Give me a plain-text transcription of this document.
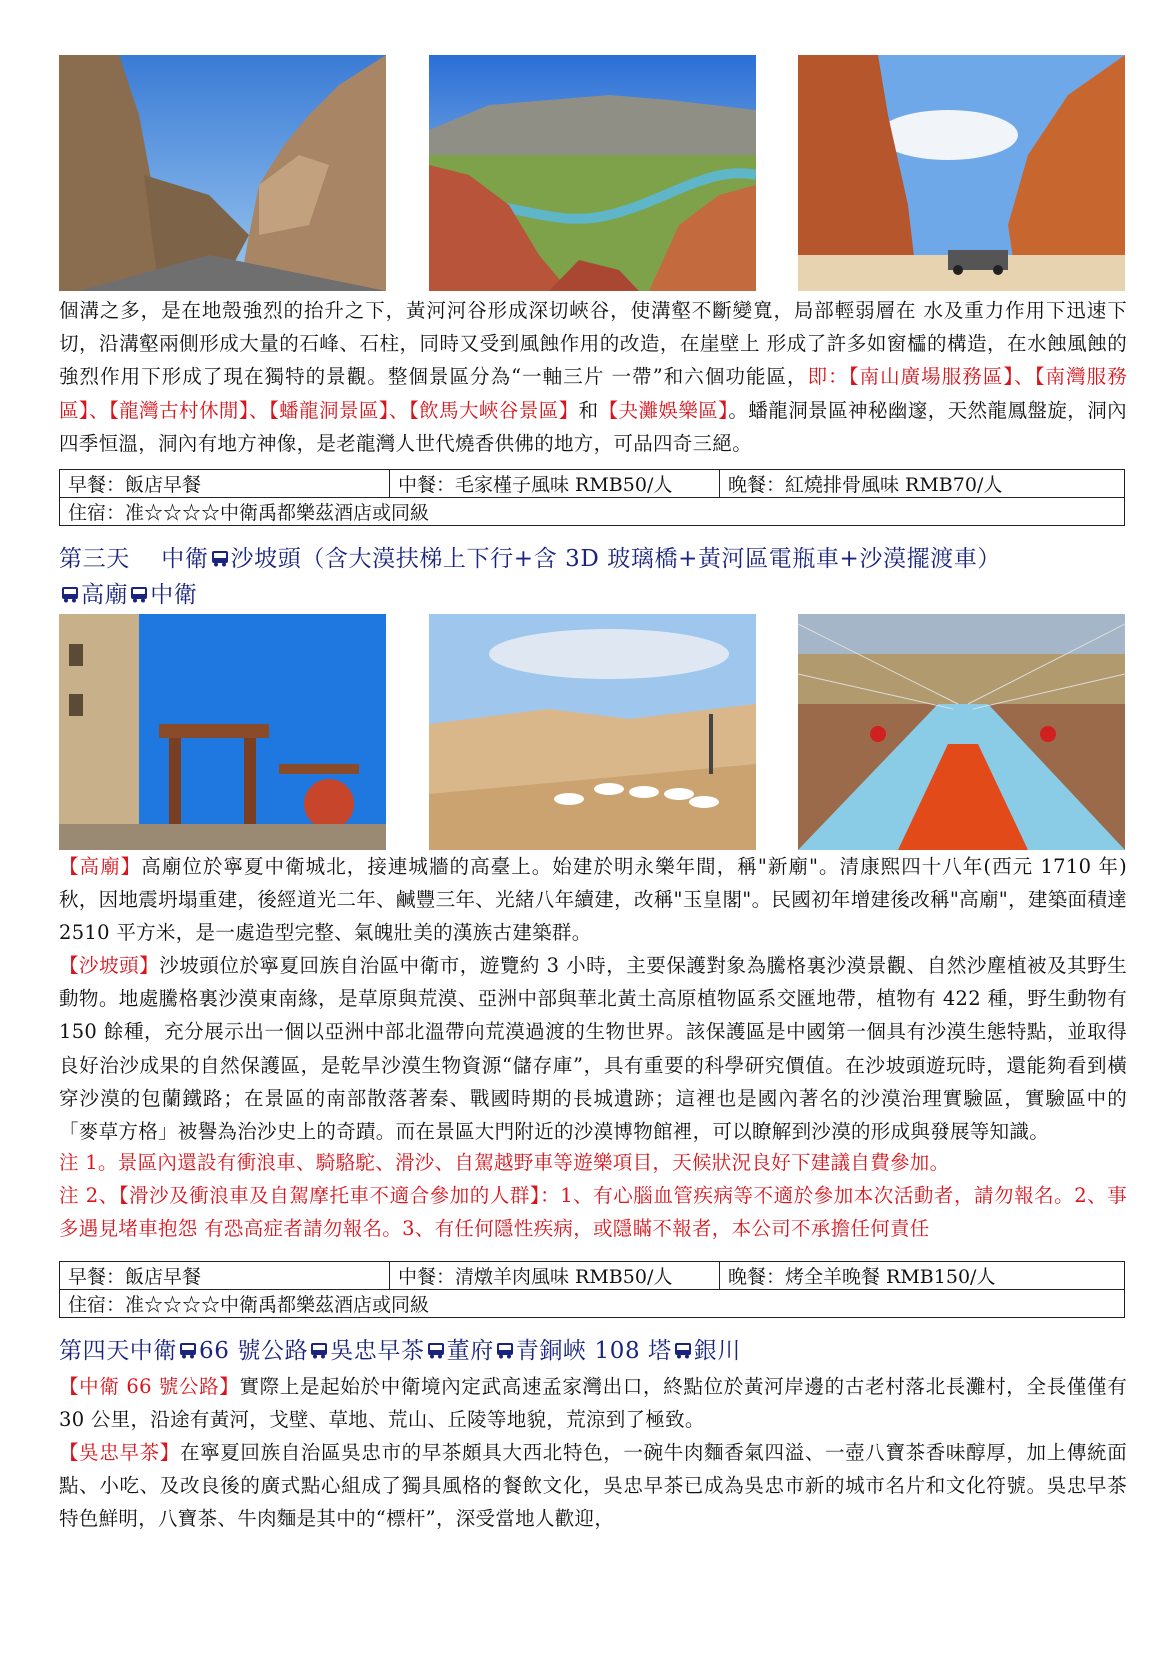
個溝之多，是在地殼強烈的抬升之下，黃河河谷形成深切峽谷，使溝壑不斷變寬，局部輕弱層在 水及重力作用下迅速下切，沿溝壑兩側形成大量的石峰、石柱，同時又受到風蝕作用的改造，在崖壁上 形成了許多如窗櫺的構造，在水蝕風蝕的強烈作用下形成了現在獨特的景觀。整個景區分為“一軸三片 一帶”和六個功能區，即：【南山廣場服務區】、【南灣服務區】、【龍灣古村休閒】、【蟠龍洞景區】、【飲馬大峽谷景區】和【夬灘娛樂區】。蟠龍洞景區神秘幽邃，天然龍鳳盤旋，洞內四季恒溫，洞內有地方神像，是老龍灣人世代燒香供佛的地方，可品四奇三絕。

早餐：飯店早餐	中餐：毛家槿子風味 RMB50/人	晚餐：紅燒排骨風味 RMB70/人
住宿：准☆☆☆☆中衛禹都樂茲酒店或同級
第三天　 中衛 沙坡頭（含大漠扶梯上下行+含 3D 玻璃橋+黃河區電瓶車+沙漠擺渡車）
高廟 中衛

【高廟】高廟位於寧夏中衛城北，接連城牆的高臺上。始建於明永樂年間，稱"新廟"。清康熙四十八年(西元 1710 年)秋，因地震坍塌重建，後經道光二年、鹹豐三年、光緒八年續建，改稱"玉皇閣"。民國初年增建後改稱"高廟"，建築面積達 2510 平方米，是一處造型完整、氣魄壯美的漢族古建築群。

【沙坡頭】沙坡頭位於寧夏回族自治區中衛市，遊覽約 3 小時，主要保護對象為騰格裏沙漠景觀、自然沙塵植被及其野生動物。地處騰格裏沙漠東南緣，是草原與荒漠、亞洲中部與華北黃土高原植物區系交匯地帶，植物有 422 種，野生動物有 150 餘種，充分展示出一個以亞洲中部北溫帶向荒漠過渡的生物世界。該保護區是中國第一個具有沙漠生態特點，並取得良好治沙成果的自然保護區，是乾旱沙漠生物資源“儲存庫”，具有重要的科學研究價值。在沙坡頭遊玩時，還能夠看到橫穿沙漠的包蘭鐵路；在景區的南部散落著秦、戰國時期的長城遺跡；這裡也是國內著名的沙漠治理實驗區，實驗區中的「麥草方格」被譽為治沙史上的奇蹟。而在景區大門附近的沙漠博物館裡，可以瞭解到沙漠的形成與發展等知識。

注 1。景區內還設有衝浪車、騎駱駝、滑沙、自駕越野車等遊樂項目，天候狀況良好下建議自費參加。

注 2、【滑沙及衝浪車及自駕摩托車不適合參加的人群】：1、有心腦血管疾病等不適於參加本次活動者，請勿報名。2、事多遇見堵車抱怨 有恐高症者請勿報名。3、有任何隱性疾病，或隱瞞不報者，本公司不承擔任何責任

早餐：飯店早餐	中餐：清燉羊肉風味 RMB50/人	晚餐：烤全羊晚餐 RMB150/人
住宿：准☆☆☆☆中衛禹都樂茲酒店或同級
第四天中衛 66 號公路 吳忠早茶 董府 青銅峽 108 塔 銀川

【中衛 66 號公路】實際上是起始於中衛境內定武高速孟家灣出口，終點位於黃河岸邊的古老村落北長灘村，全長僅僅有 30 公里，沿途有黃河，戈壁、草地、荒山、丘陵等地貌，荒涼到了極致。

【吳忠早茶】在寧夏回族自治區吳忠市的早茶頗具大西北特色，一碗牛肉麵香氣四溢、一壺八寶茶香味醇厚，加上傳統面點、小吃、及改良後的廣式點心組成了獨具風格的餐飲文化，吳忠早茶已成為吳忠市新的城市名片和文化符號。吳忠早茶特色鮮明，八寶茶、牛肉麵是其中的“標杆”，深受當地人歡迎，
